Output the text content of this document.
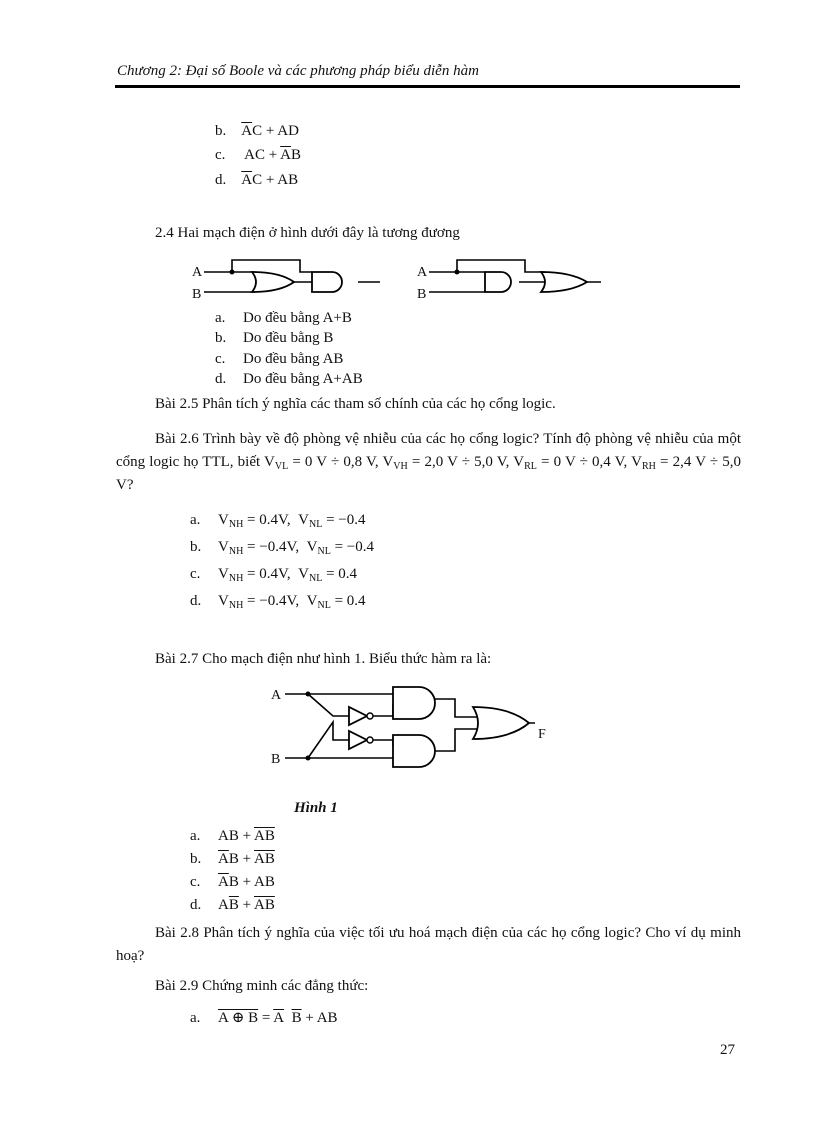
Chương 2: Đại số Boole và các phương pháp biểu diễn hàm
b. $\overline{A}C$ + AD
c. AC + $\overline{A}B$
d. $\overline{A}C$ + AB
2.4 Hai mạch điện ở hình dưới đây là tương đương
A
B
A
B
a. Do đều bằng A+B
b. Do đều bằng B
c. Do đều bằng AB
d. Do đều bằng A+AB
Bài 2.5 Phân tích ý nghĩa các tham số chính của các họ cổng logic.
Bài 2.6 Trình bày về độ phòng vệ nhiễu của các họ cổng logic? Tính độ phòng vệ nhiễu của một cổng logic họ TTL, biết $V_{VL} = 0$ V ÷ 0,8 V, $V_{VH} = 2,0$ V ÷ 5,0 V, $V_{RL} = 0$ V ÷ 0,4 V, $V_{RH} = 2,4$ V ÷ 5,0 V?
a. $V_{NH} = 0.4V$, $V_{NL} = -0.4$
b. $V_{NH} = -0.4V$, $V_{NL} = -0.4$
c. $V_{NH} = 0.4V$, $V_{NL} = 0.4$
d. $V_{NH} = -0.4V$, $V_{NL} = 0.4$
Bài 2.7 Cho mạch điện như hình 1. Biểu thức hàm ra là:
A
B
F
Hình 1
a. AB + $\overline{AB}$
b. $\overline{A}B + \overline{AB}$
c. $\overline{A}B$ + AB
d. $A\overline{B} + \overline{AB}$
Bài 2.8 Phân tích ý nghĩa của việc tối ưu hoá mạch điện của các họ cổng logic? Cho ví dụ minh hoạ?
Bài 2.9 Chứng minh các đẳng thức:
a. A ⊕ $B = \overline{A}$ $\overline{B}$ + AB
27
